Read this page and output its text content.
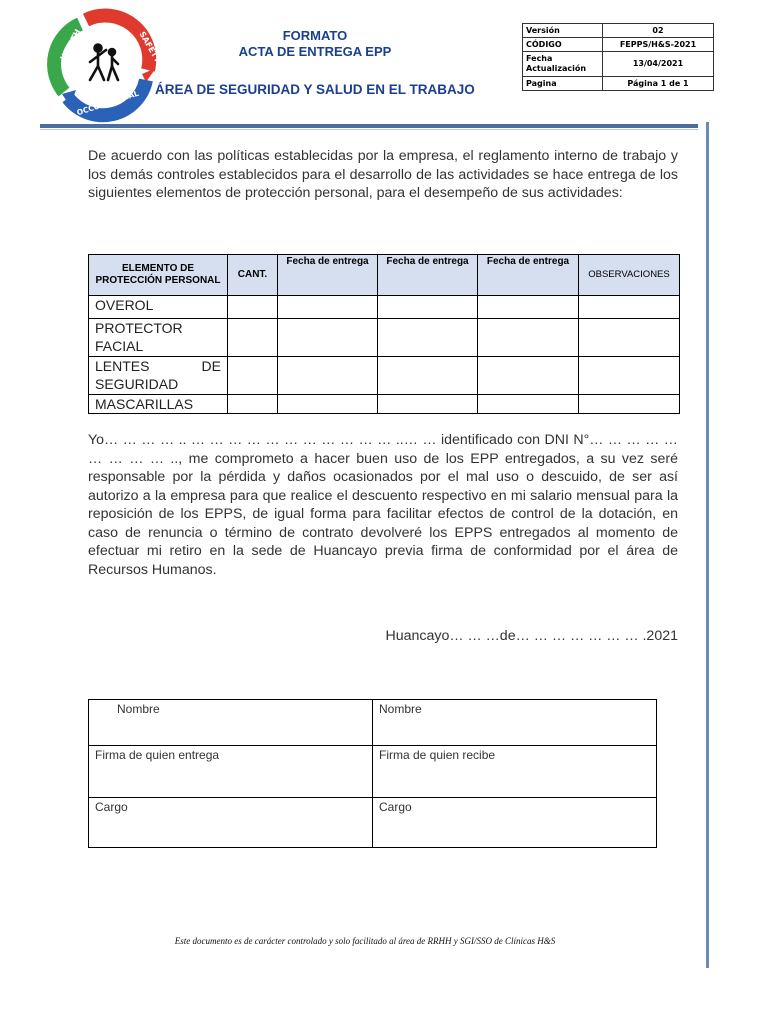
HEALTH	SAFETY
OCCUPATIONAL
FORMATO
ACTA DE ENTREGA EPP
ÁREA DE SEGURIDAD Y SALUD EN EL TRABAJO
Versión	02
CÓDIGO	FEPPS/H&S-2021
Fecha Actualización	13/04/2021
Pagina	Página 1 de 1
De acuerdo con las políticas establecidas por la empresa, el reglamento interno de trabajo y los demás controles establecidos para el desarrollo de las actividades se hace entrega de los siguientes elementos de protección personal, para el desempeño de sus actividades:
ELEMENTO DE PROTECCIÓN PERSONAL	CANT.	Fecha de entrega	Fecha de entrega	Fecha de entrega	OBSERVACIONES
OVEROL					
PROTECTOR FACIAL					
LENTES DE SEGURIDAD					
MASCARILLAS					
Yo… … … … .. … … … … … … … … … … … ..… … identificado con DNI N°… … … … … … … … … .., me comprometo a hacer buen uso de los EPP entregados, a su vez seré responsable por la pérdida y daños ocasionados por el mal uso o descuido, de ser así autorizo a la empresa para que realice el descuento respectivo en mi salario mensual para la reposición de los EPPS, de igual forma para facilitar efectos de control de la dotación, en caso de renuncia o término de contrato devolveré los EPPS entregados al momento de efectuar mi retiro en la sede de Huancayo previa firma de conformidad por el área de Recursos Humanos.
Huancayo… … …de… … … … … … … .2021
Nombre	Nombre
Firma de quien entrega	Firma de quien recibe
Cargo	Cargo
Este documento es de carácter controlado y solo facilitado al área de RRHH y SGI/SSO de Clínicas H&S
